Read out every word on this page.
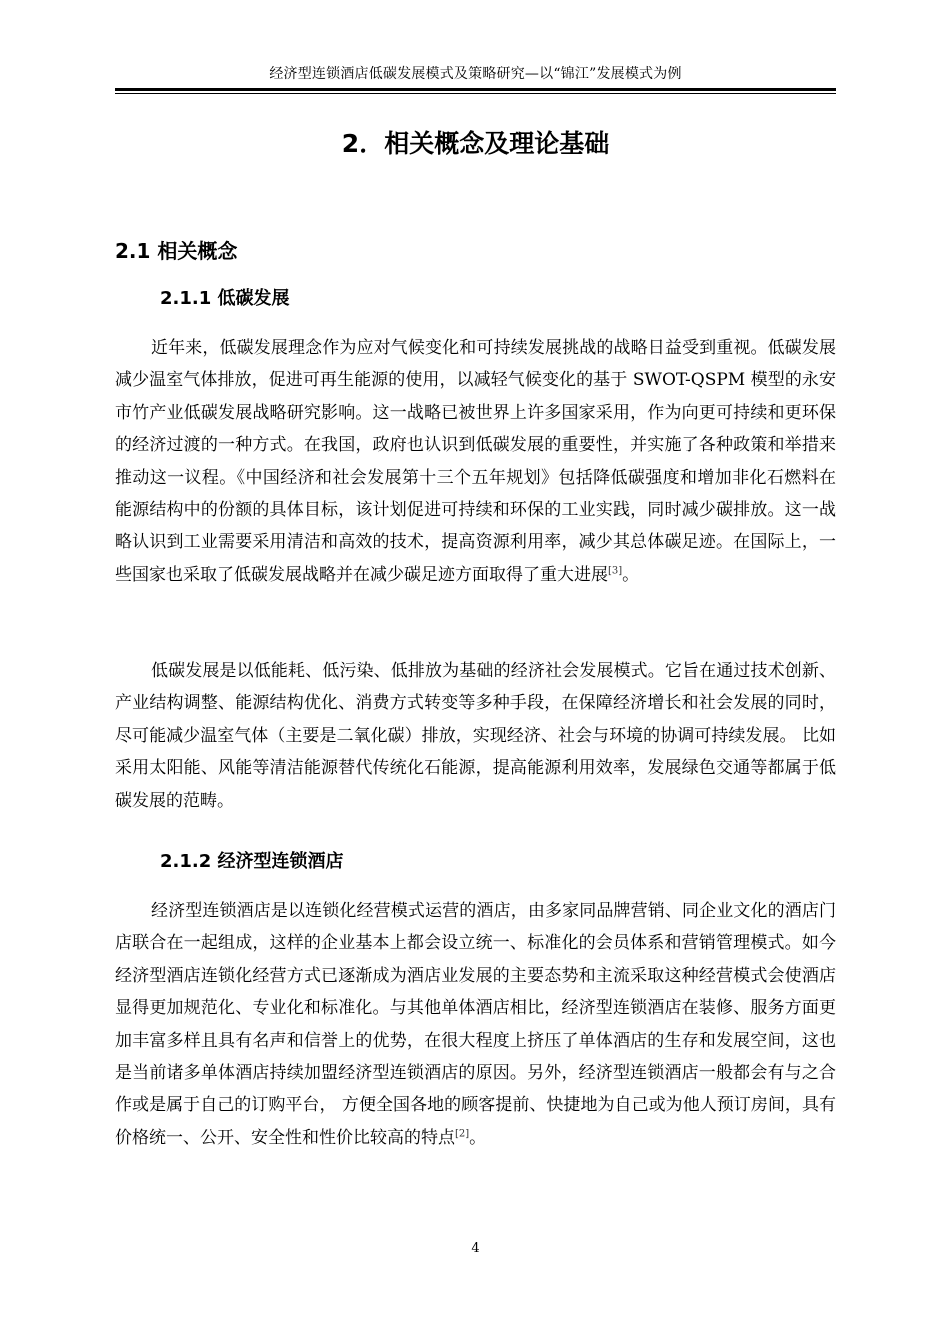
经济型连锁酒店低碳发展模式及策略研究—以“锦江”发展模式为例
2．相关概念及理论基础
2.1 相关概念
2.1.1 低碳发展

近年来，低碳发展理念作为应对气候变化和可持续发展挑战的战略日益受到重视。低碳发展减少温室气体排放，促进可再生能源的使用，以减轻气候变化的基于 SWOT-QSPM 模型的永安市竹产业低碳发展战略研究影响。这一战略已被世界上许多国家采用，作为向更可持续和更环保的经济过渡的一种方式。在我国，政府也认识到低碳发展的重要性，并实施了各种政策和举措来推动这一议程。《中国经济和社会发展第十三个五年规划》包括降低碳强度和增加非化石燃料在能源结构中的份额的具体目标，该计划促进可持续和环保的工业实践，同时减少碳排放。这一战略认识到工业需要采用清洁和高效的技术，提高资源利用率，减少其总体碳足迹。在国际上，一些国家也采取了低碳发展战略并在减少碳足迹方面取得了重大进展[3]。

低碳发展是以低能耗、低污染、低排放为基础的经济社会发展模式。它旨在通过技术创新、产业结构调整、能源结构优化、消费方式转变等多种手段，在保障经济增长和社会发展的同时，尽可能减少温室气体（主要是二氧化碳）排放，实现经济、社会与环境的协调可持续发展。 比如采用太阳能、风能等清洁能源替代传统化石能源，提高能源利用效率，发展绿色交通等都属于低碳发展的范畴。

2.1.2 经济型连锁酒店

经济型连锁酒店是以连锁化经营模式运营的酒店，由多家同品牌营销、同企业文化的酒店门店联合在一起组成，这样的企业基本上都会设立统一、标准化的会员体系和营销管理模式。如今经济型酒店连锁化经营方式已逐渐成为酒店业发展的主要态势和主流采取这种经营模式会使酒店显得更加规范化、专业化和标准化。与其他单体酒店相比，经济型连锁酒店在装修、服务方面更加丰富多样且具有名声和信誉上的优势，在很大程度上挤压了单体酒店的生存和发展空间，这也是当前诸多单体酒店持续加盟经济型连锁酒店的原因。另外，经济型连锁酒店一般都会有与之合作或是属于自己的订购平台， 方便全国各地的顾客提前、快捷地为自己或为他人预订房间，具有价格统一、公开、安全性和性价比较高的特点[2]。

4
